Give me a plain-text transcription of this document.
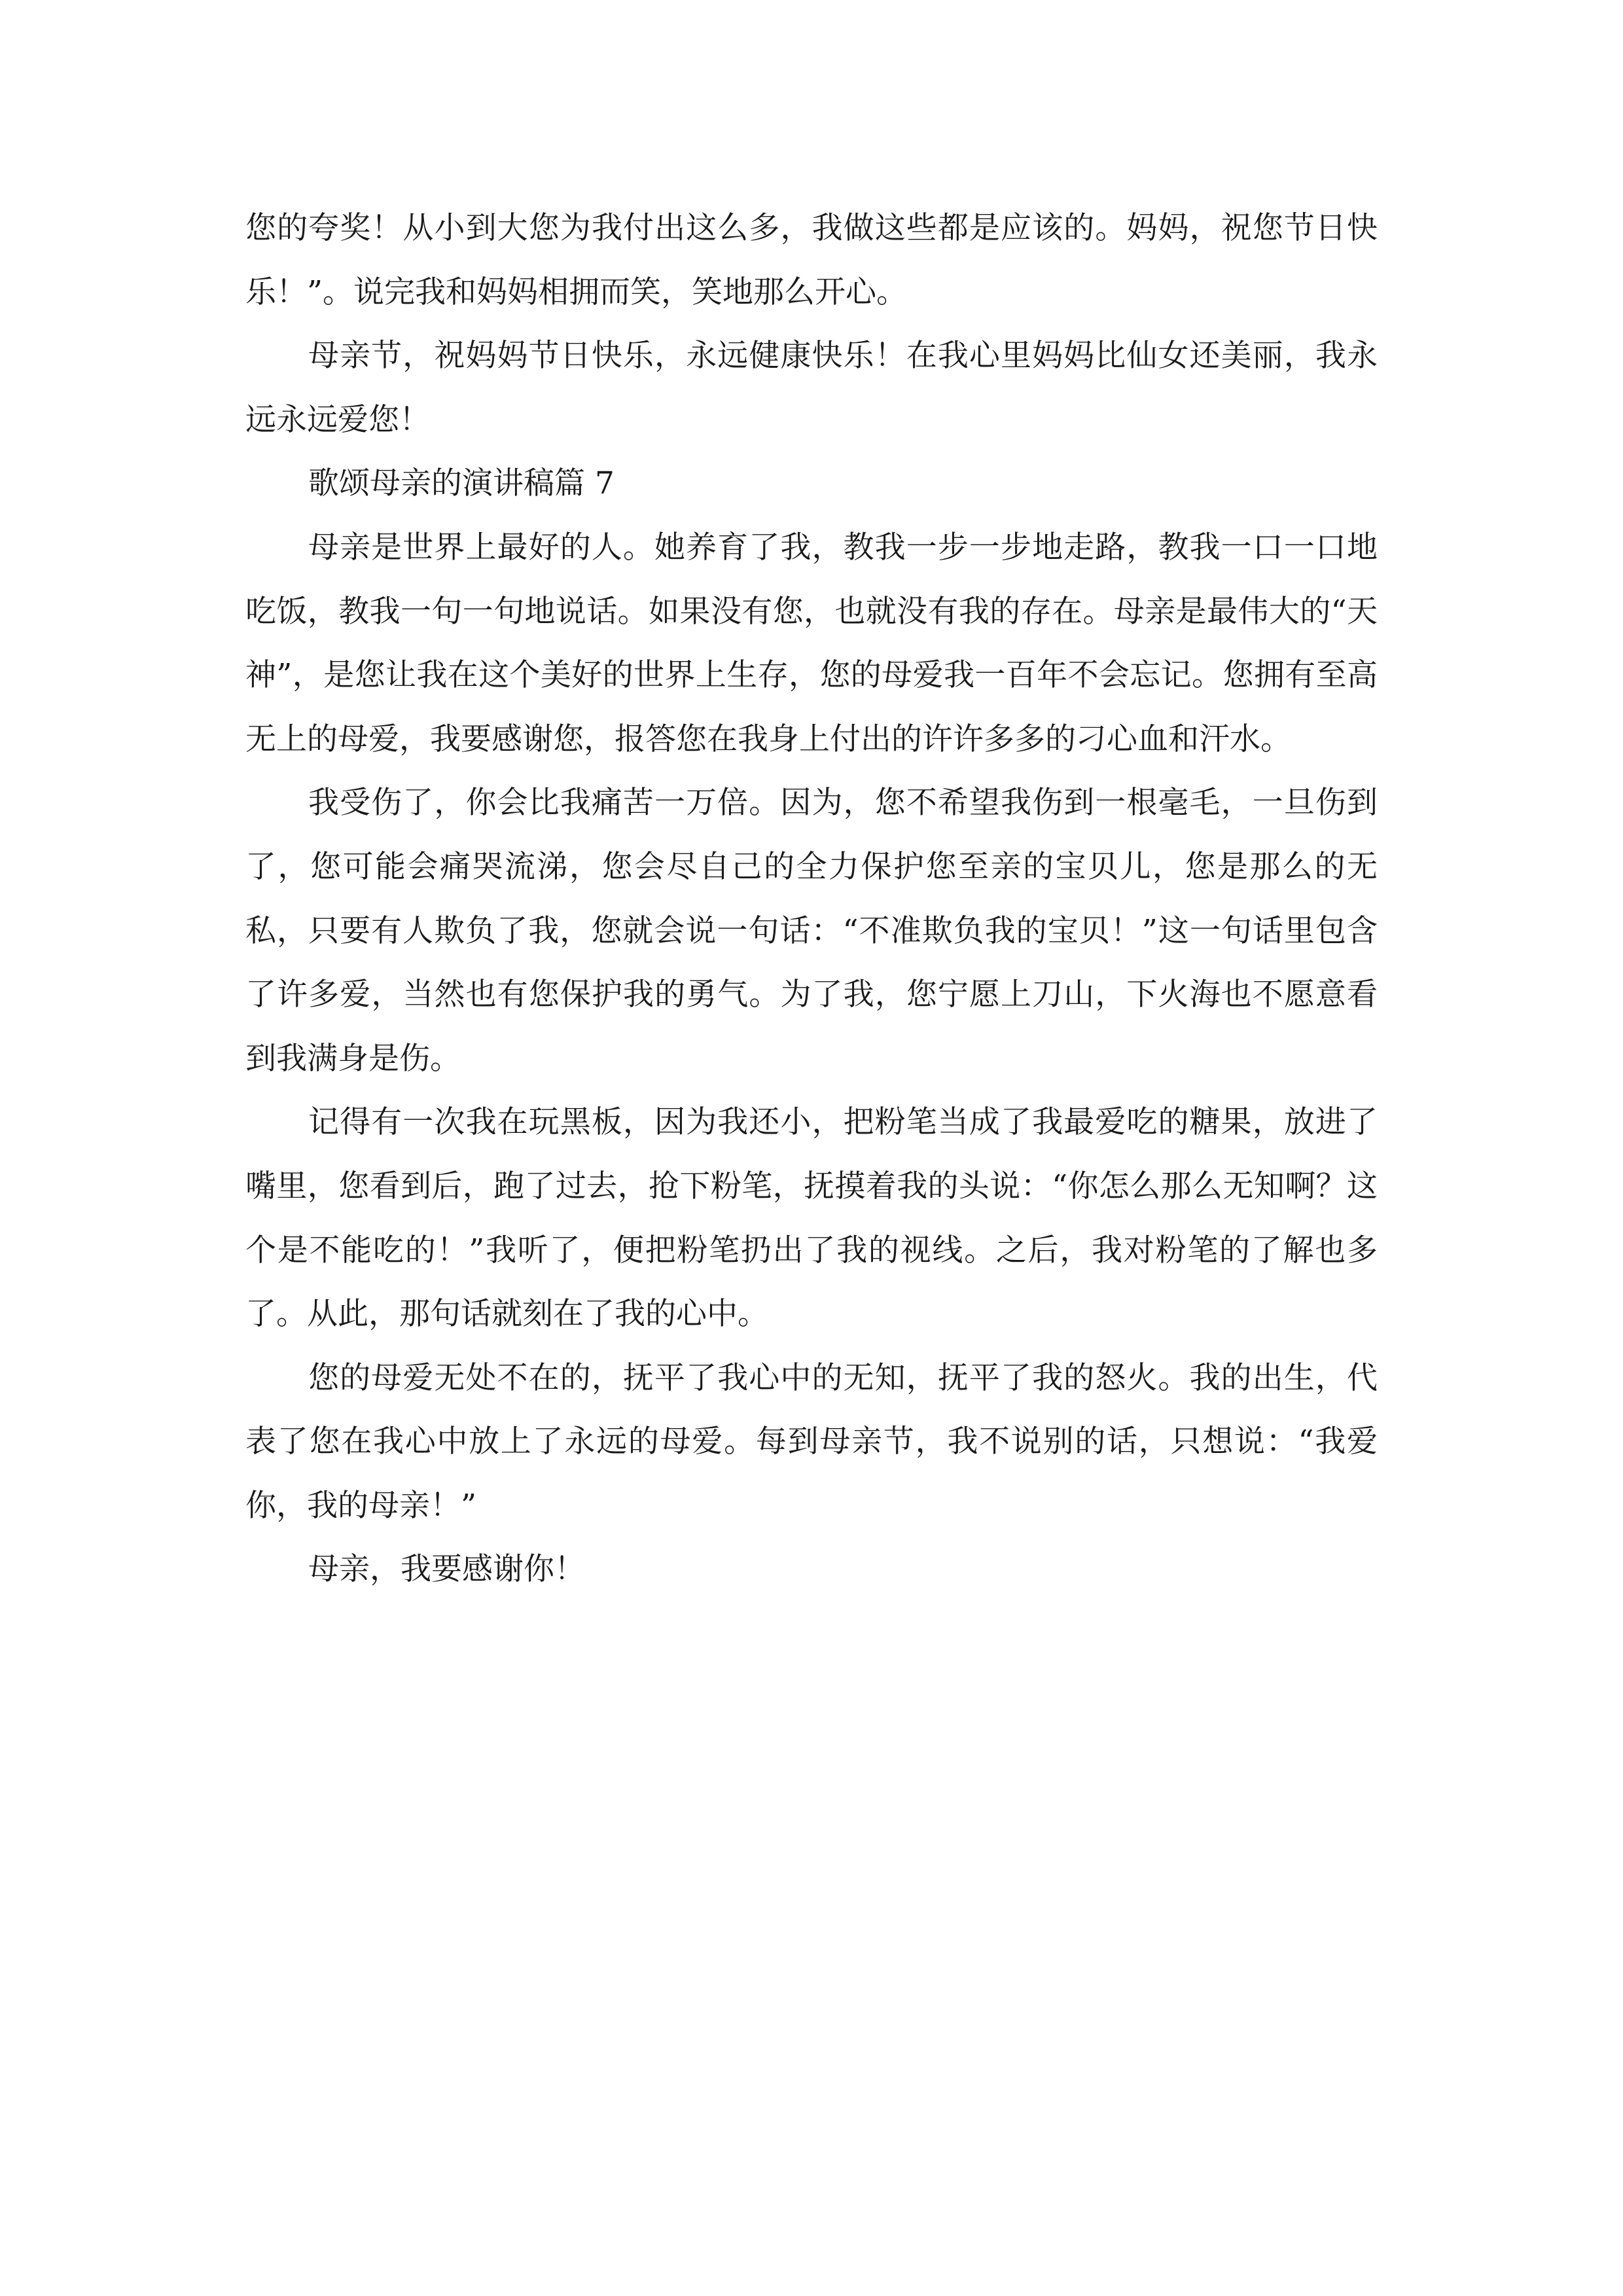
您的夸奖！从小到大您为我付出这么多，我做这些都是应该的。妈妈，祝您节日快乐！”。说完我和妈妈相拥而笑，笑地那么开心。

母亲节，祝妈妈节日快乐，永远健康快乐！在我心里妈妈比仙女还美丽，我永远永远爱您！

歌颂母亲的演讲稿篇 7

母亲是世界上最好的人。她养育了我，教我一步一步地走路，教我一口一口地吃饭，教我一句一句地说话。如果没有您，也就没有我的存在。母亲是最伟大的“天神”，是您让我在这个美好的世界上生存，您的母爱我一百年不会忘记。您拥有至高无上的母爱，我要感谢您，报答您在我身上付出的许许多多的刁心血和汗水。

我受伤了，你会比我痛苦一万倍。因为，您不希望我伤到一根毫毛，一旦伤到了，您可能会痛哭流涕，您会尽自己的全力保护您至亲的宝贝儿，您是那么的无私，只要有人欺负了我，您就会说一句话：“不准欺负我的宝贝！”这一句话里包含了许多爱，当然也有您保护我的勇气。为了我，您宁愿上刀山，下火海也不愿意看到我满身是伤。

记得有一次我在玩黑板，因为我还小，把粉笔当成了我最爱吃的糖果，放进了嘴里，您看到后，跑了过去，抢下粉笔，抚摸着我的头说：“你怎么那么无知啊？这个是不能吃的！”我听了，便把粉笔扔出了我的视线。之后，我对粉笔的了解也多了。从此，那句话就刻在了我的心中。

您的母爱无处不在的，抚平了我心中的无知，抚平了我的怒火。我的出生，代表了您在我心中放上了永远的母爱。每到母亲节，我不说别的话，只想说：“我爱你，我的母亲！”

母亲，我要感谢你！
